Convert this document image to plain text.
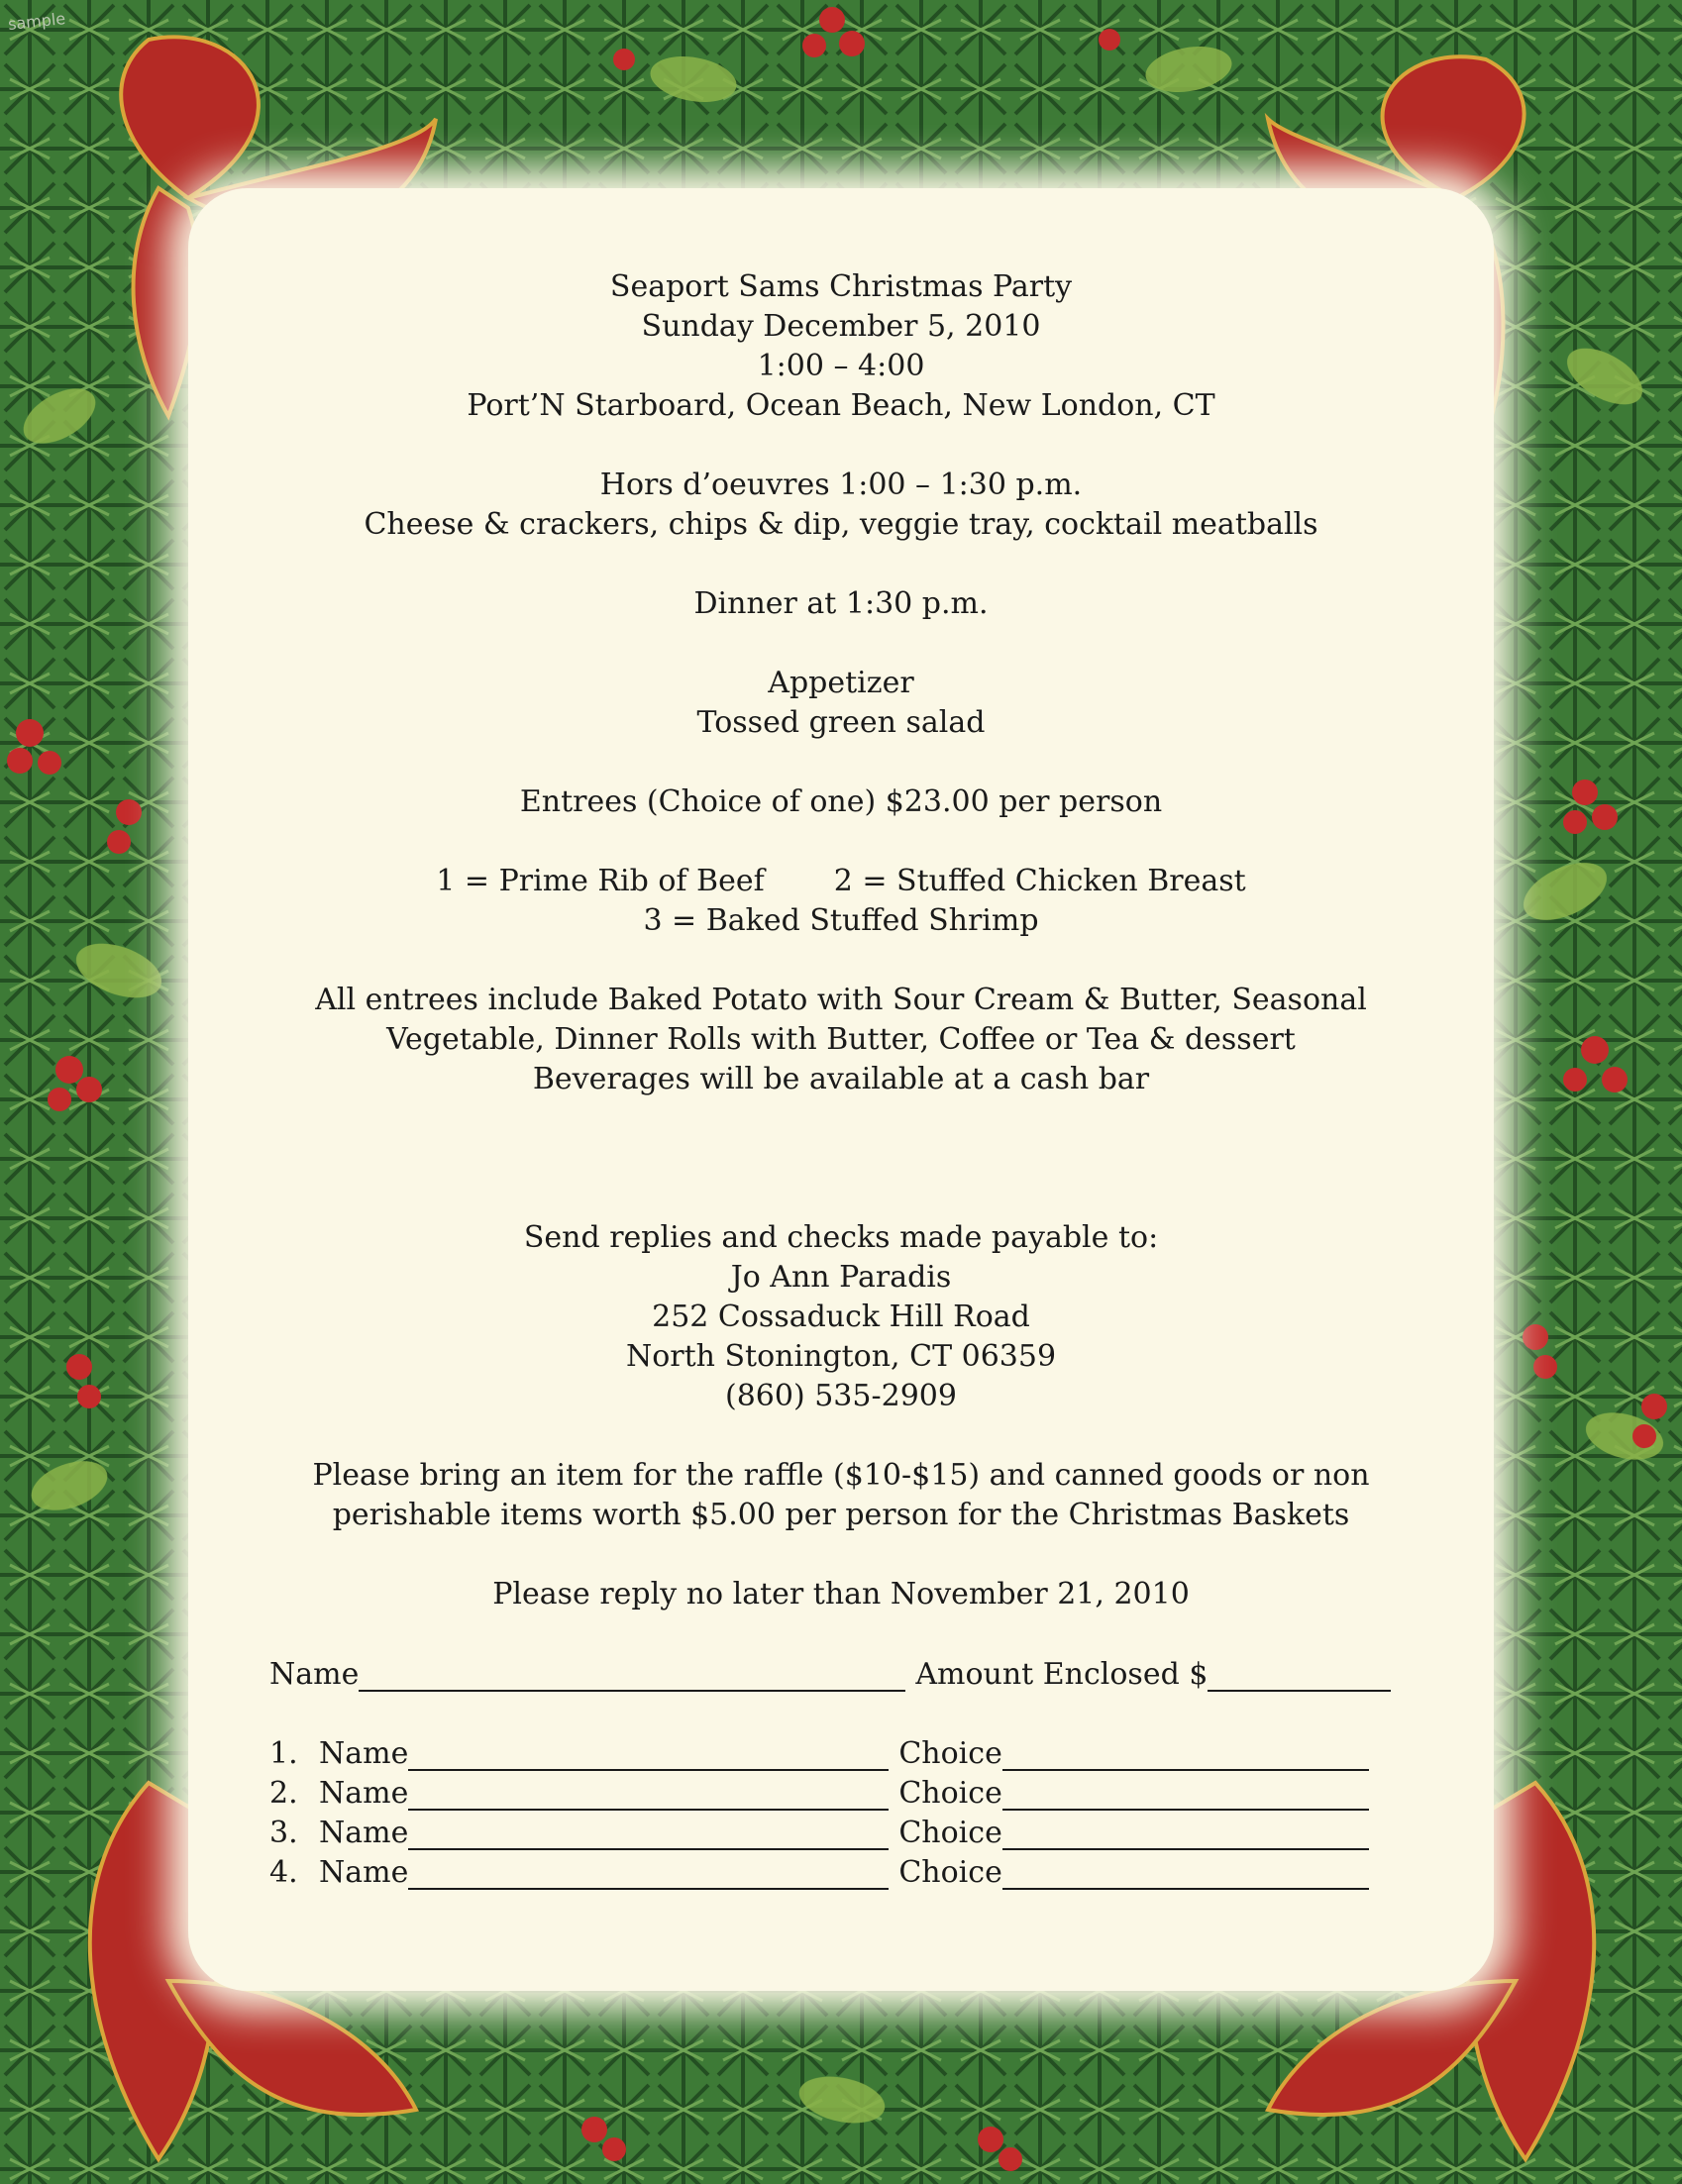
sample

Seaport Sams Christmas Party

Sunday December 5, 2010

1:00 – 4:00

Port’N Starboard, Ocean Beach, New London, CT

Hors d’oeuvres 1:00 – 1:30 p.m.

Cheese & crackers, chips & dip, veggie tray, cocktail meatballs

Dinner at 1:30 p.m.

Appetizer

Tossed green salad

Entrees (Choice of one) $23.00 per person

1 = Prime Rib of Beef 2 = Stuffed Chicken Breast

3 = Baked Stuffed Shrimp

All entrees include Baked Potato with Sour Cream & Butter, Seasonal

Vegetable, Dinner Rolls with Butter, Coffee or Tea & dessert

Beverages will be available at a cash bar

Send replies and checks made payable to:

Jo Ann Paradis

252 Cossaduck Hill Road

North Stonington, CT 06359

(860) 535-2909

Please bring an item for the raffle ($10-$15) and canned goods or non

perishable items worth $5.00 per person for the Christmas Baskets

Please reply no later than November 21, 2010

Name	Amount Enclosed $
1. Name	Choice
2. Name	Choice
3. Name	Choice
4. Name	Choice
